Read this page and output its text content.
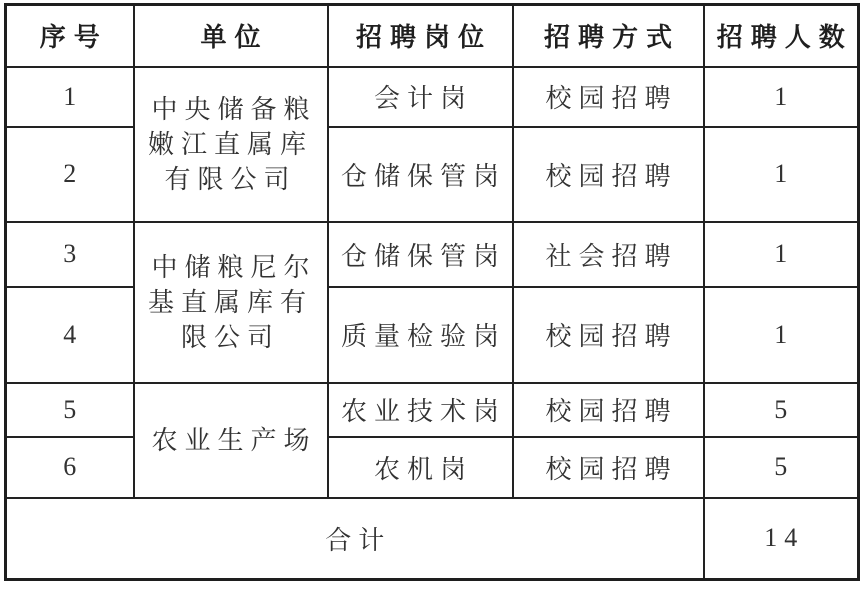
序号	单位	招聘岗位	招聘方式	招聘人数
1	中央储备粮嫩江直属库有限公司	会计岗	校园招聘	1
2		仓储保管岗	校园招聘	1
3	中储粮尼尔基直属库有限公司	仓储保管岗	社会招聘	1
4		质量检验岗	校园招聘	1
5	农业生产场	农业技术岗	校园招聘	5
6		农机岗	校园招聘	5
合计				14
